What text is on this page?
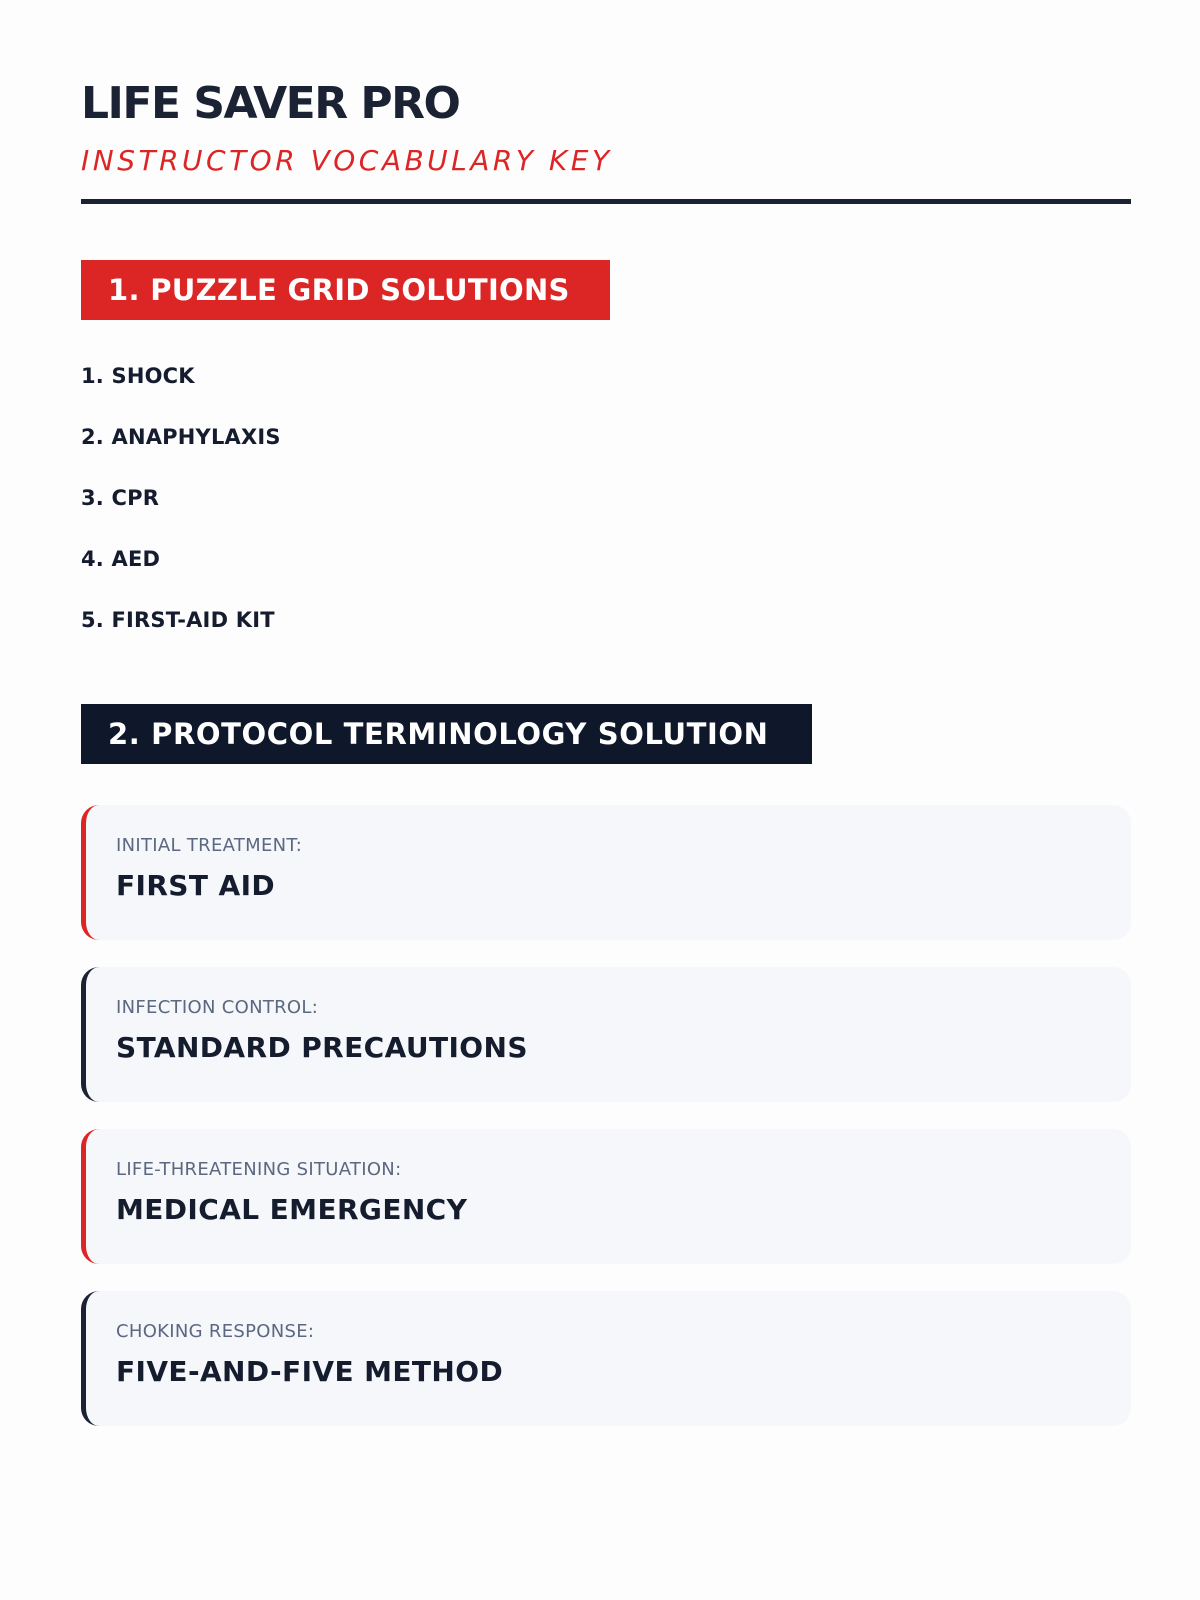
LIFE SAVER PRO
INSTRUCTOR VOCABULARY KEY
1. PUZZLE GRID SOLUTIONS
1. SHOCK
2. ANAPHYLAXIS
3. CPR
4. AED
5. FIRST-AID KIT
2. PROTOCOL TERMINOLOGY SOLUTION
INITIAL TREATMENT:
FIRST AID
INFECTION CONTROL:
STANDARD PRECAUTIONS
LIFE-THREATENING SITUATION:
MEDICAL EMERGENCY
CHOKING RESPONSE:
FIVE-AND-FIVE METHOD
